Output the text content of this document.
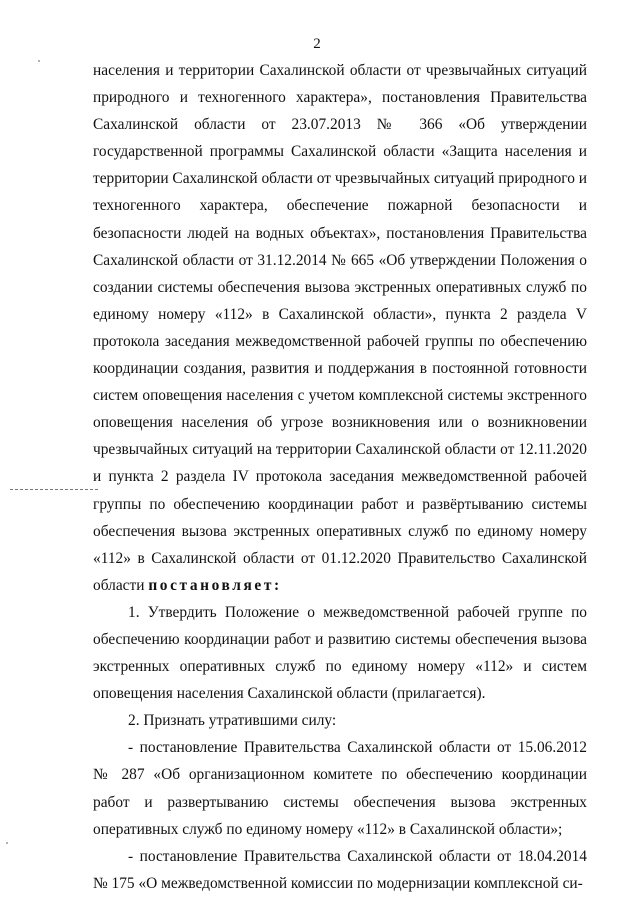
2

населения и территории Сахалинской области от чрезвычайных ситуаций природного и техногенного характера», постановления Правительства Сахалинской области от 23.07.2013 № 366 «Об утверждении государственной программы Сахалинской области «Защита населения и территории Сахалинской области от чрезвычайных ситуаций природного и техногенного характера, обеспечение пожарной безопасности и безопасности людей на водных объектах», постановления Правительства Сахалинской области от 31.12.2014 № 665 «Об утверждении Положения о создании системы обеспечения вызова экстренных оперативных служб по единому номеру «112» в Сахалинской области», пункта 2 раздела V протокола заседания межведомственной рабочей группы по обеспечению координации создания, развития и поддержания в постоянной готовности систем оповещения населения с учетом комплексной системы экстренного оповещения населения об угрозе возникновения или о возникновении чрезвычайных ситуаций на территории Сахалинской области от 12.11.2020 и пункта 2 раздела IV протокола заседания межведомственной рабочей группы по обеспечению координации работ и развёртыванию системы обеспечения вызова экстренных оперативных служб по единому номеру «112» в Сахалинской области от 01.12.2020 Правительство Сахалинской области постановляет:

1. Утвердить Положение о межведомственной рабочей группе по обеспечению координации работ и развитию системы обеспечения вызова экстренных оперативных служб по единому номеру «112» и систем оповещения населения Сахалинской области (прилагается).

2. Признать утратившими силу:

- постановление Правительства Сахалинской области от 15.06.2012 № 287 «Об организационном комитете по обеспечению координации работ и развертыванию системы обеспечения вызова экстренных оперативных служб по единому номеру «112» в Сахалинской области»;

- постановление Правительства Сахалинской области от 18.04.2014 № 175 «О межведомственной комиссии по модернизации комплексной си-
